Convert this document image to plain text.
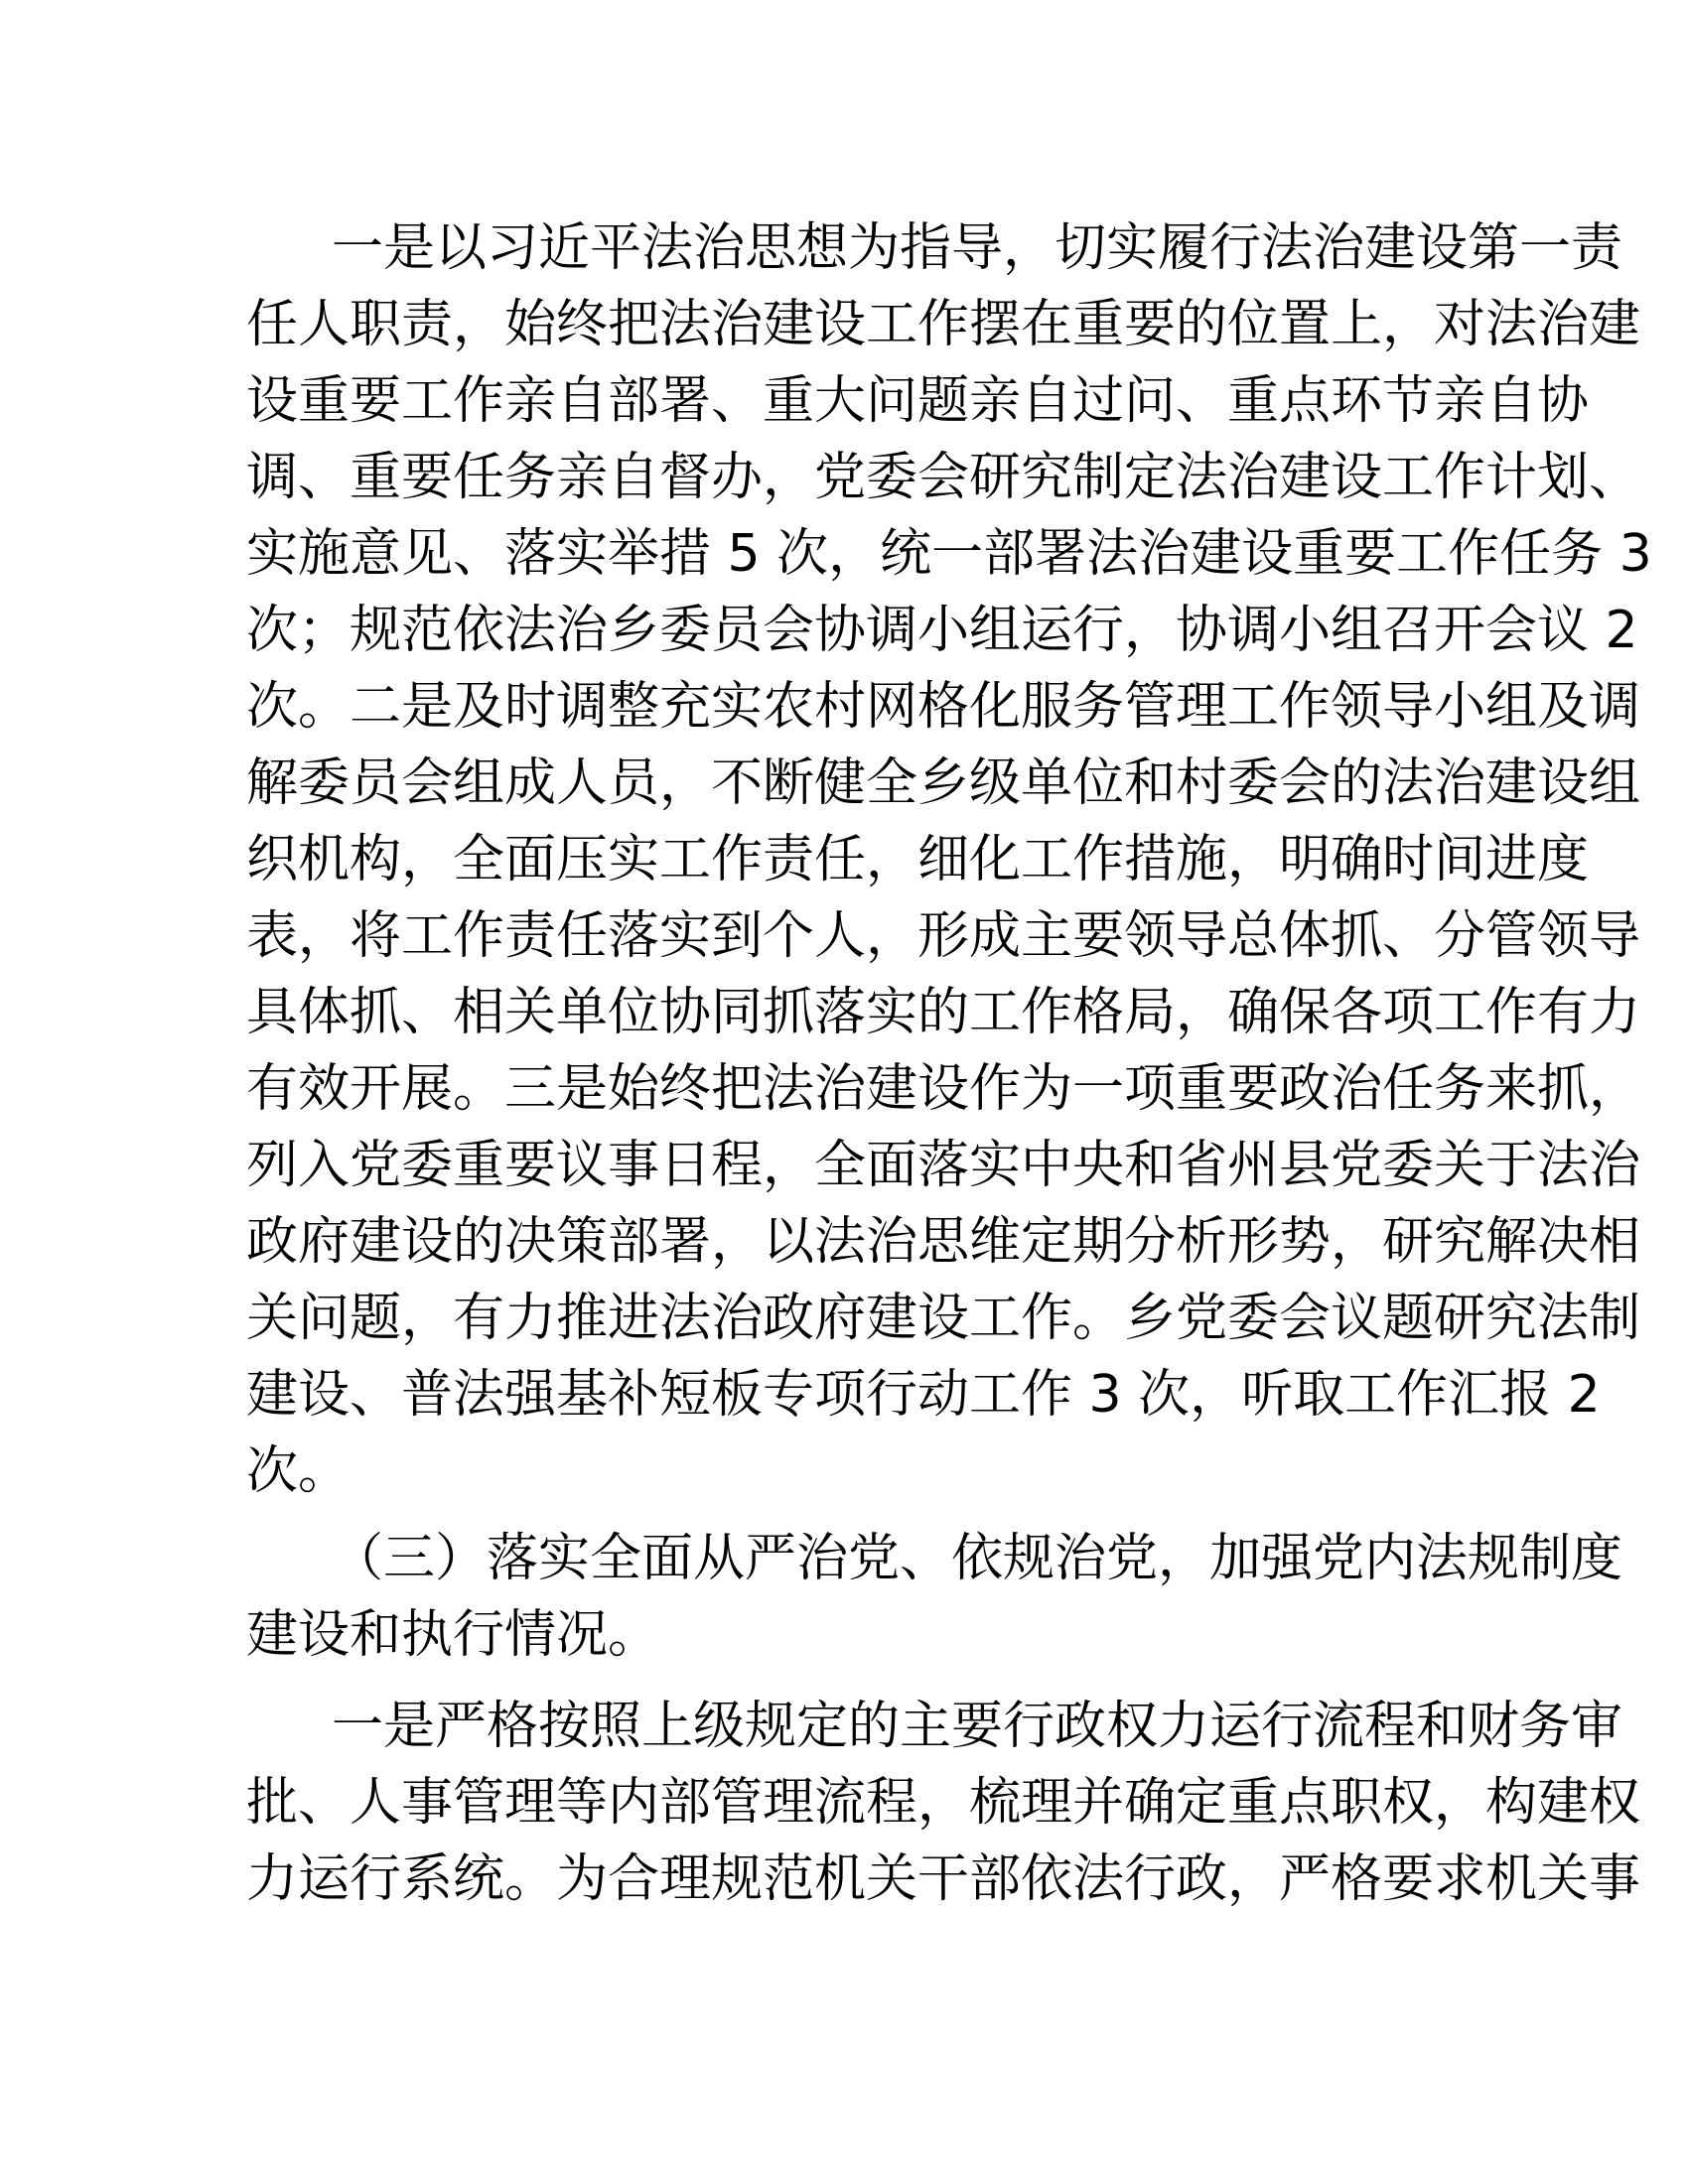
一是以习近平法治思想为指导，切实履行法治建设第一责
任人职责，始终把法治建设工作摆在重要的位置上，对法治建
设重要工作亲自部署、重大问题亲自过问、重点环节亲自协
调、重要任务亲自督办，党委会研究制定法治建设工作计划、
实施意见、落实举措 5 次，统一部署法治建设重要工作任务 3
次；规范依法治乡委员会协调小组运行，协调小组召开会议 2
次。二是及时调整充实农村网格化服务管理工作领导小组及调
解委员会组成人员，不断健全乡级单位和村委会的法治建设组
织机构，全面压实工作责任，细化工作措施，明确时间进度
表，将工作责任落实到个人，形成主要领导总体抓、分管领导
具体抓、相关单位协同抓落实的工作格局，确保各项工作有力
有效开展。三是始终把法治建设作为一项重要政治任务来抓，
列入党委重要议事日程，全面落实中央和省州县党委关于法治
政府建设的决策部署，以法治思维定期分析形势，研究解决相
关问题，有力推进法治政府建设工作。乡党委会议题研究法制
建设、普法强基补短板专项行动工作 3 次，听取工作汇报 2
次。
（三）落实全面从严治党、依规治党，加强党内法规制度
建设和执行情况。
一是严格按照上级规定的主要行政权力运行流程和财务审
批、人事管理等内部管理流程，梳理并确定重点职权，构建权
力运行系统。为合理规范机关干部依法行政，严格要求机关事
